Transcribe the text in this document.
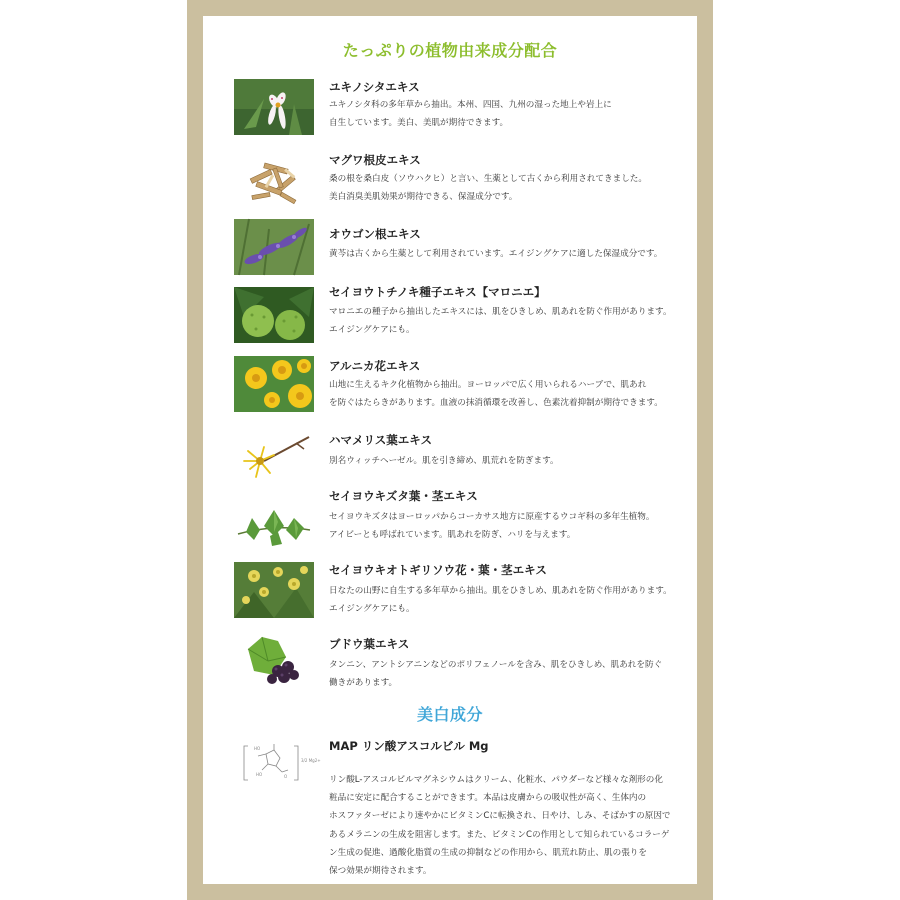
たっぷりの植物由来成分配合
ユキノシタエキス
ユキノシタ科の多年草から抽出。本州、四国、九州の湿った地上や岩上に
自生しています。美白、美肌が期待できます。
マグワ根皮エキス
桑の根を桑白皮（ソウハクヒ）と言い、生薬として古くから利用されてきました。
美白消臭美肌効果が期待できる、保湿成分です。
オウゴン根エキス
黄芩は古くから生薬として利用されています。エイジングケアに適した保湿成分です。
セイヨウトチノキ種子エキス【マロニエ】
マロニエの種子から抽出したエキスには、肌をひきしめ、肌あれを防ぐ作用があります。
エイジングケアにも。
アルニカ花エキス
山地に生えるキク化植物から抽出。ヨーロッパで広く用いられるハーブで、肌あれ
を防ぐはたらきがあります。血液の抹消循環を改善し、色素沈着抑制が期待できます。
ハマメリス葉エキス
別名ウィッチヘーゼル。肌を引き締め、肌荒れを防ぎます。
セイヨウキズタ葉・茎エキス
セイヨウキズタはヨーロッパからコーカサス地方に原産するウコギ科の多年生植物。
アイビーとも呼ばれています。肌あれを防ぎ、ハリを与えます。
セイヨウキオトギリソウ花・葉・茎エキス
日なたの山野に自生する多年草から抽出。肌をひきしめ、肌あれを防ぐ作用があります。
エイジングケアにも。
ブドウ葉エキス
タンニン、アントシアニンなどのポリフェノールを含み、肌をひきしめ、肌あれを防ぐ
働きがあります。
美白成分
HO
O
HO
3/2 Mg2+
MAP リン酸アスコルビル Mg
リン酸L-アスコルビルマグネシウムはクリーム、化粧水、パウダーなど様々な剤形の化
粧品に安定に配合することができます。本品は皮膚からの吸収性が高く、生体内の
ホスファターゼにより速やかにビタミンCに転換され、日やけ、しみ、そばかすの原因で
あるメラニンの生成を阻害します。また、ビタミンCの作用として知られているコラーゲ
ン生成の促進、過酸化脂質の生成の抑制などの作用から、肌荒れ防止、肌の張りを
保つ効果が期待されます。
